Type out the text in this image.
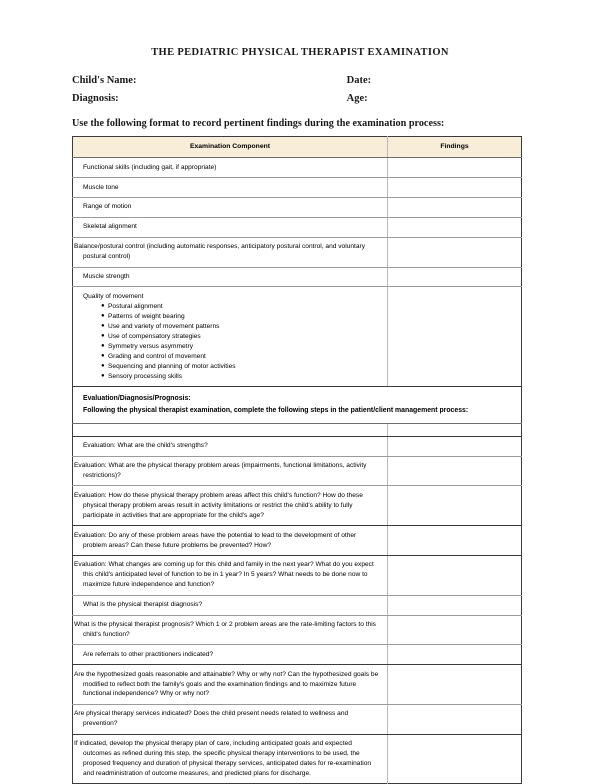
THE PEDIATRIC PHYSICAL THERAPIST EXAMINATION
Child's Name:	Date:
Diagnosis:	Age:
Use the following format to record pertinent findings during the examination process:
Examination Component	Findings
Functional skills (including gait, if appropriate)	
Muscle tone	
Range of motion	
Skeletal alignment	
Balance/postural control (including automatic responses, anticipatory postural control, and voluntary postural control)	
Muscle strength	

Quality of movement
● Postural alignment
● Patterns of weight bearing
● Use and variety of movement patterns
● Use of compensatory strategies
● Symmetry versus asymmetry
● Grading and control of movement
● Sequencing and planning of motor activities
● Sensory processing skills

Evaluation/Diagnosis/Prognosis:
Following the physical therapist examination, complete the following steps in the patient/client management process:	

Evaluation: What are the child's strengths?	
Evaluation: What are the physical therapy problem areas (impairments, functional limitations, activity restrictions)?	
Evaluation: How do these physical therapy problem areas affect this child's function? How do these physical therapy problem areas result in activity limitations or restrict the child's ability to fully participate in activities that are appropriate for the child's age?	
Evaluation: Do any of these problem areas have the potential to lead to the development of other problem areas? Can these future problems be prevented? How?	
Evaluation: What changes are coming up for this child and family in the next year? What do you expect this child's anticipated level of function to be in 1 year? In 5 years? What needs to be done now to maximize future independence and function?	
What is the physical therapist diagnosis?	
What is the physical therapist prognosis? Which 1 or 2 problem areas are the rate-limiting factors to this child's function?	
Are referrals to other practitioners indicated?	
Are the hypothesized goals reasonable and attainable? Why or why not? Can the hypothesized goals be modified to reflect both the family's goals and the examination findings and to maximize future functional independence? Why or why not?	
Are physical therapy services indicated? Does the child present needs related to wellness and prevention?	
If indicated, develop the physical therapy plan of care, including anticipated goals and expected outcomes as refined during this step, the specific physical therapy interventions to be used, the proposed frequency and duration of physical therapy services, anticipated dates for re-examination and readministration of outcome measures, and predicted plans for discharge.	
